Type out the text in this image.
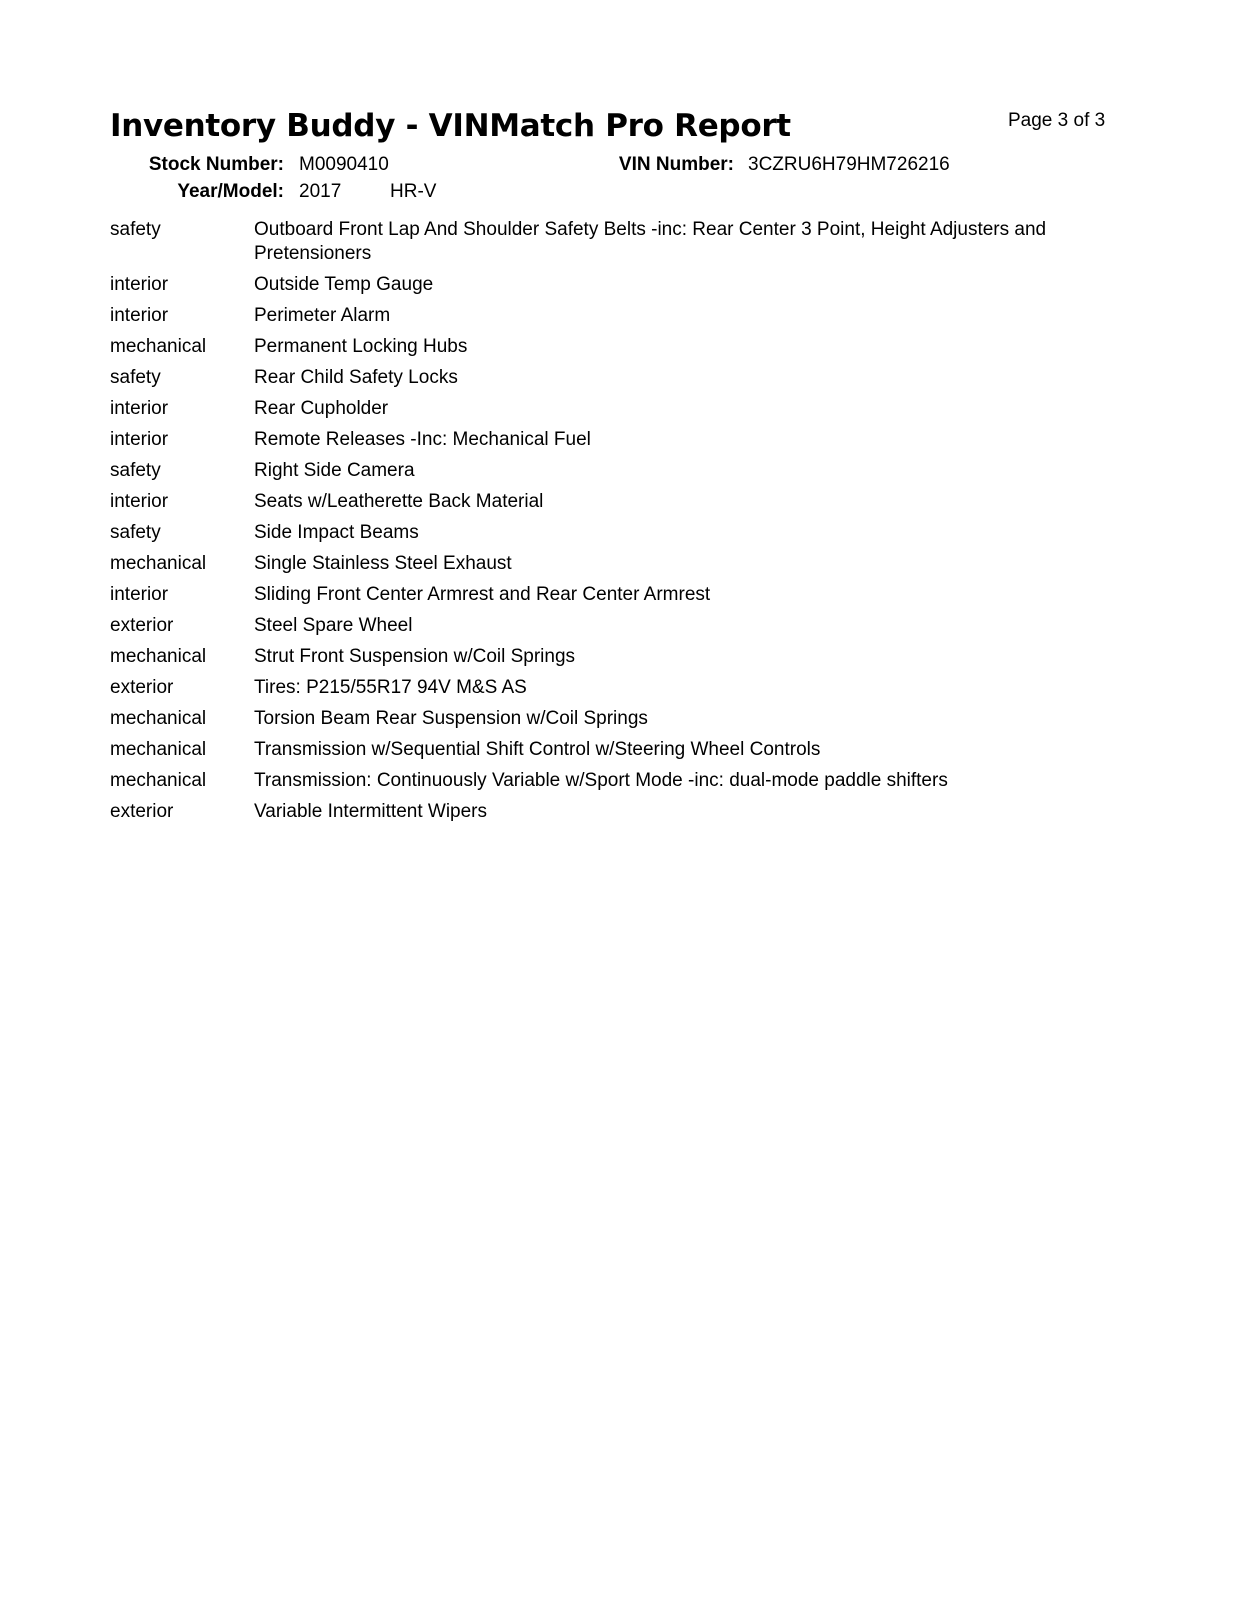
Inventory Buddy - VINMatch Pro Report	Page 3 of 3
Stock Number: M0090410	VIN Number: 3CZRU6H79HM726216
Year/Model: 2017	HR-V
safety	Outboard Front Lap And Shoulder Safety Belts -inc: Rear Center 3 Point, Height Adjusters and Pretensioners
interior	Outside Temp Gauge
interior	Perimeter Alarm
mechanical	Permanent Locking Hubs
safety	Rear Child Safety Locks
interior	Rear Cupholder
interior	Remote Releases -Inc: Mechanical Fuel
safety	Right Side Camera
interior	Seats w/Leatherette Back Material
safety	Side Impact Beams
mechanical	Single Stainless Steel Exhaust
interior	Sliding Front Center Armrest and Rear Center Armrest
exterior	Steel Spare Wheel
mechanical	Strut Front Suspension w/Coil Springs
exterior	Tires: P215/55R17 94V M&S AS
mechanical	Torsion Beam Rear Suspension w/Coil Springs
mechanical	Transmission w/Sequential Shift Control w/Steering Wheel Controls
mechanical	Transmission: Continuously Variable w/Sport Mode -inc: dual-mode paddle shifters
exterior	Variable Intermittent Wipers
